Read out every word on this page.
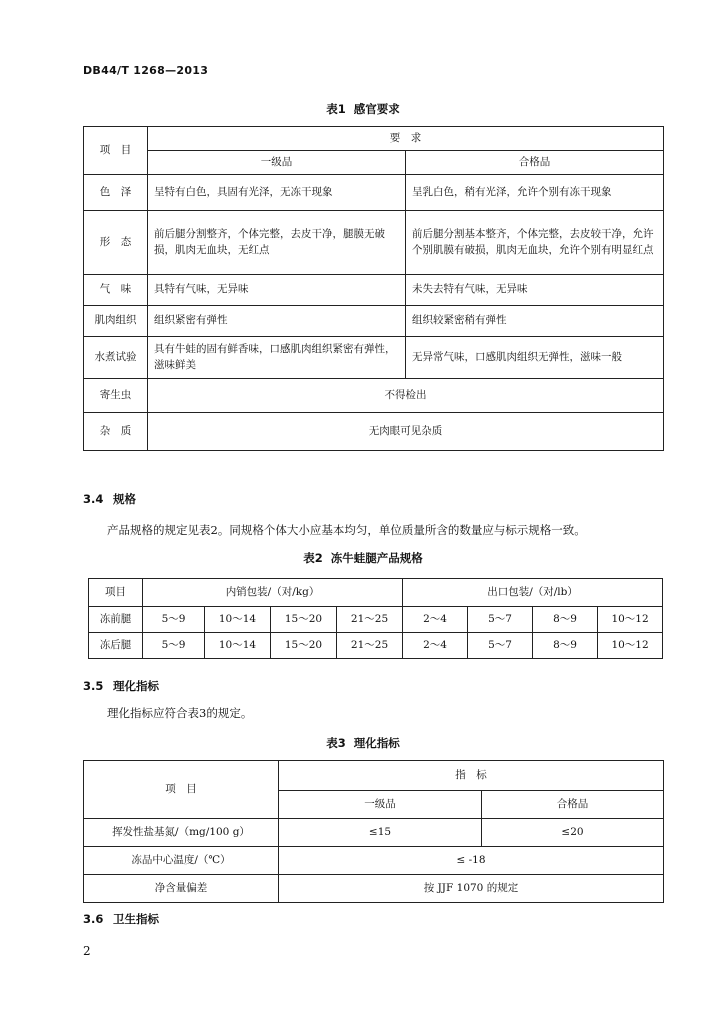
DB44/T 1268—2013
表1 感官要求
项　目	要　求	
	一级品	合格品
色　泽	呈特有白色，具固有光泽，无冻干现象	呈乳白色，稍有光泽，允许个别有冻干现象
形　态	前后腿分割整齐，个体完整，去皮干净，腿膜无破损，肌肉无血块，无红点	前后腿分割基本整齐，个体完整，去皮较干净，允许个别肌膜有破损，肌肉无血块，允许个别有明显红点
气　味	具特有气味，无异味	未失去特有气味，无异味
肌肉组织	组织紧密有弹性	组织较紧密稍有弹性
水煮试验	具有牛蛙的固有鲜香味，口感肌肉组织紧密有弹性，滋味鲜美	无异常气味，口感肌肉组织无弹性，滋味一般
寄生虫	不得检出	
杂　质	无肉眼可见杂质	
3.4 规格
产品规格的规定见表2。同规格个体大小应基本均匀，单位质量所含的数量应与标示规格一致。
表2 冻牛蛙腿产品规格
项目	内销包装/（对/kg）				出口包装/（对/lb）			
冻前腿	5～9	10～14	15～20	21～25	2～4	5～7	8～9	10～12
冻后腿	5～9	10～14	15～20	21～25	2～4	5～7	8～9	10～12
3.5 理化指标
理化指标应符合表3的规定。
表3 理化指标
项　目	指　标	
	一级品	合格品
挥发性盐基氮/（mg/100 g）	≤15	≤20
冻品中心温度/（℃）	≤ -18	
净含量偏差	按 JJF 1070 的规定	
3.6 卫生指标
2
